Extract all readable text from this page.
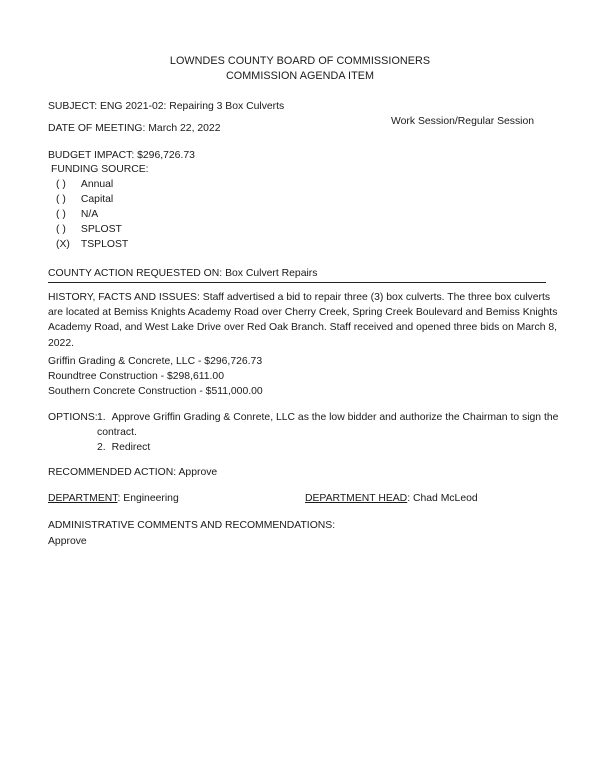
LOWNDES COUNTY BOARD OF COMMISSIONERS
COMMISSION AGENDA ITEM
SUBJECT: ENG 2021-02: Repairing 3 Box Culverts
DATE OF MEETING: March 22, 2022
Work Session/Regular Session
BUDGET IMPACT: $296,726.73
FUNDING SOURCE:
( ) Annual
( ) Capital
( ) N/A
( ) SPLOST
(X) TSPLOST
COUNTY ACTION REQUESTED ON: Box Culvert Repairs
HISTORY, FACTS AND ISSUES: Staff advertised a bid to repair three (3) box culverts. The three box culverts are located at Bemiss Knights Academy Road over Cherry Creek, Spring Creek Boulevard and Bemiss Knights Academy Road, and West Lake Drive over Red Oak Branch. Staff received and opened three bids on March 8, 2022.
Griffin Grading & Concrete, LLC - $296,726.73
Roundtree Construction - $298,611.00
Southern Concrete Construction - $511,000.00
OPTIONS: 1. Approve Griffin Grading & Conrete, LLC as the low bidder and authorize the Chairman to sign the
contract.
2. Redirect
RECOMMENDED ACTION: Approve
DEPARTMENT: Engineering	DEPARTMENT HEAD: Chad McLeod
ADMINISTRATIVE COMMENTS AND RECOMMENDATIONS:
Approve
